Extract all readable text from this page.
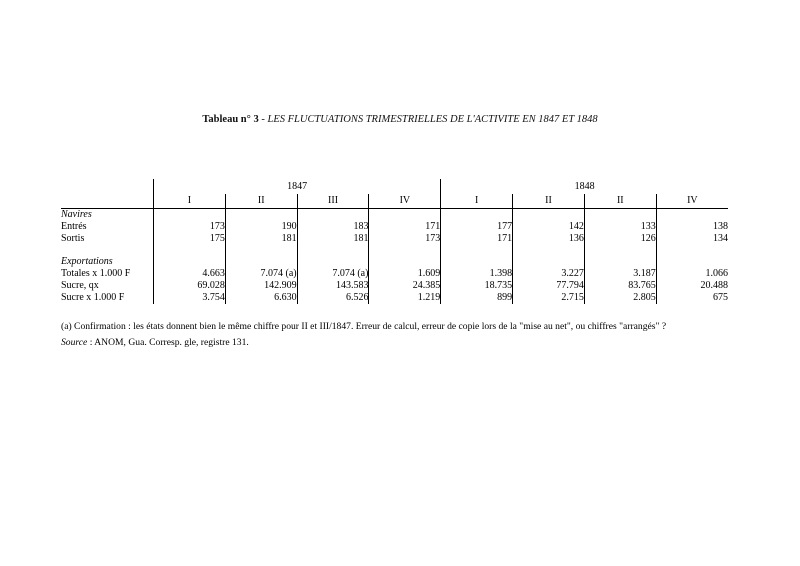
Tableau n° 3 - LES FLUCTUATIONS TRIMESTRIELLES DE L'ACTIVITE EN 1847 ET 1848
	1847				1848			
	I	II	III	IV	I	II	II	IV
Navires								
Entrés	173	190	183	171	177	142	133	138
Sortis	175	181	181	173	171	136	126	134

Exportations								
Totales x 1.000 F	4.663	7.074 (a)	7.074 (a)	1.609	1.398	3.227	3.187	1.066
Sucre, qx	69.028	142.909	143.583	24.385	18.735	77.794	83.765	20.488
Sucre x 1.000 F	3.754	6.630	6.526	1.219	899	2.715	2.805	675
(a) Confirmation : les états donnent bien le même chiffre pour II et III/1847. Erreur de calcul, erreur de copie lors de la "mise au net", ou chiffres "arrangés" ?
Source : ANOM, Gua. Corresp. gle, registre 131.
